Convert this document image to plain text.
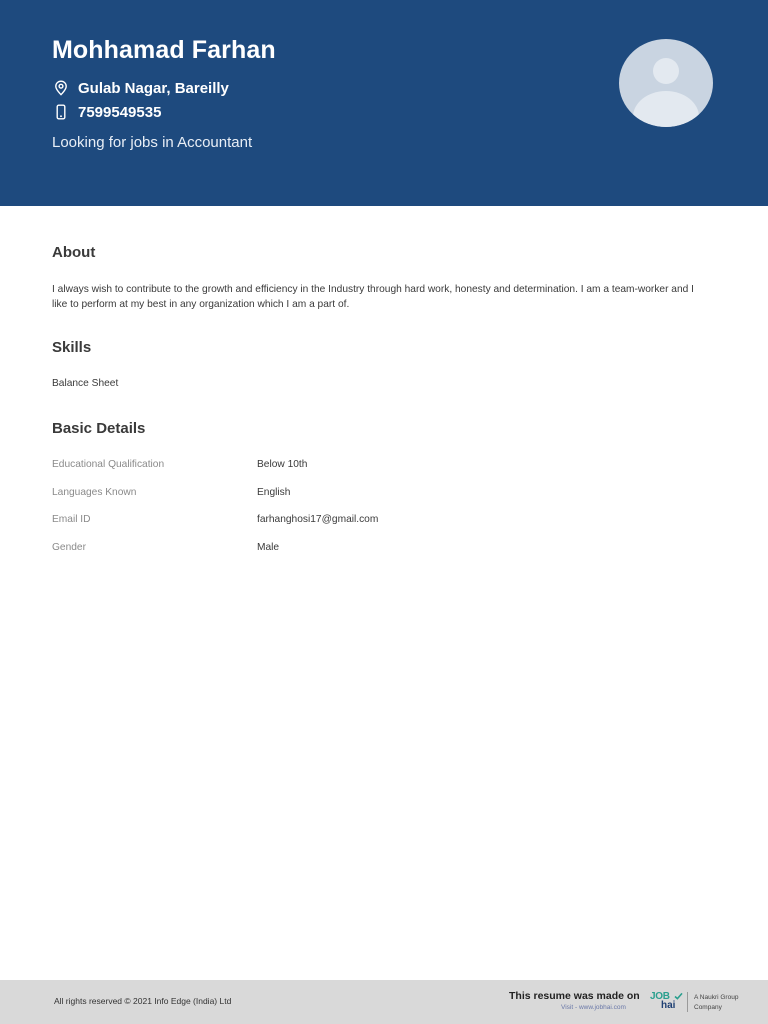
Mohhamad Farhan
Gulab Nagar, Bareilly
7599549535
Looking for jobs in Accountant
About

I always wish to contribute to the growth and efficiency in the Industry through hard work, honesty and determination. I am a team-worker and I like to perform at my best in any organization which I am a part of.

Skills
Balance Sheet
Basic Details
Educational Qualification	Below 10th
Languages Known	English
Email ID	farhanghosi17@gmail.com
Gender	Male
All rights reserved © 2021 Info Edge (India) Ltd	This resume was made on
Visit - www.jobhai.com
JOB
hai
A Naukri Group
Company
